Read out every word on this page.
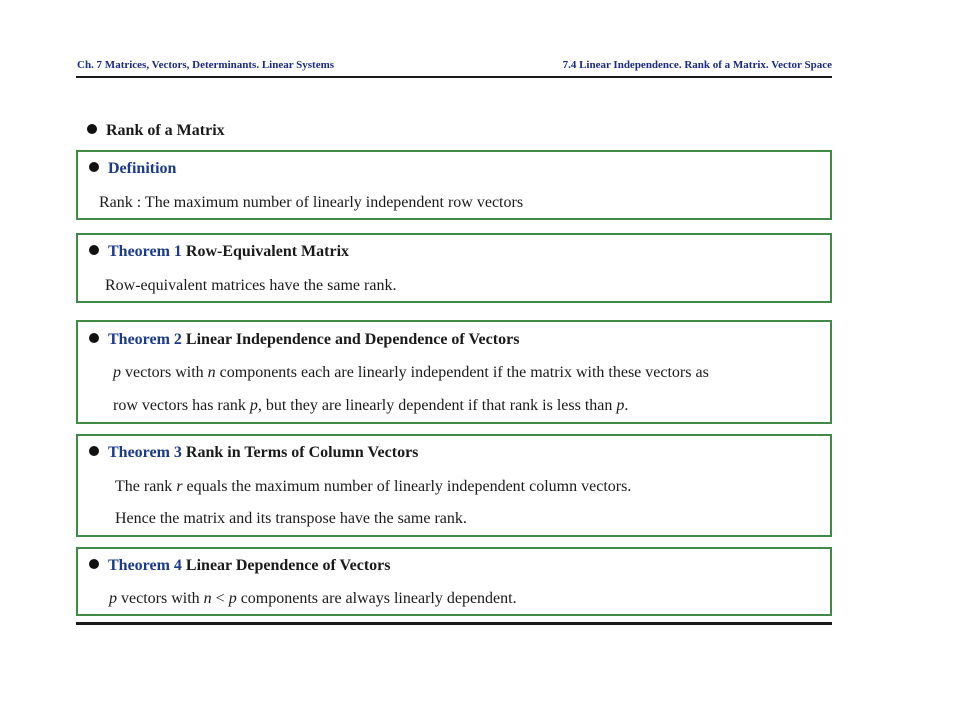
Ch. 7 Matrices, Vectors, Determinants. Linear Systems	7.4 Linear Independence. Rank of a Matrix. Vector Space
Rank of a Matrix
Definition
Rank : The maximum number of linearly independent row vectors
Theorem 1 Row-Equivalent Matrix
Row-equivalent matrices have the same rank.
Theorem 2 Linear Independence and Dependence of Vectors
p vectors with n components each are linearly independent if the matrix with these vectors as
row vectors has rank p, but they are linearly dependent if that rank is less than p.
Theorem 3 Rank in Terms of Column Vectors
The rank r equals the maximum number of linearly independent column vectors.
Hence the matrix and its transpose have the same rank.
Theorem 4 Linear Dependence of Vectors
p vectors with n < p components are always linearly dependent.
